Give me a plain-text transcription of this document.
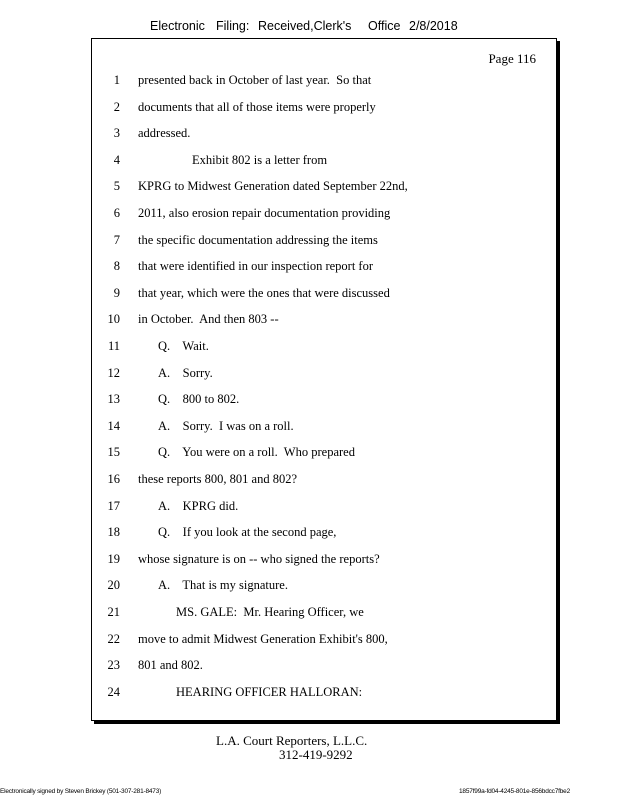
Electronic Filing: Received,Clerk's Office 2/8/2018
Page 116
1 presented back in October of last year.  So that
2 documents that all of those items were properly
3 addressed.
4	Exhibit 802 is a letter from
5 KPRG to Midwest Generation dated September 22nd,
6 2011, also erosion repair documentation providing
7 the specific documentation addressing the items
8 that were identified in our inspection report for
9 that year, which were the ones that were discussed
10 in October.  And then 803 --
11	Q.    Wait.
12	A.    Sorry.
13	Q.    800 to 802.
14	A.    Sorry.  I was on a roll.
15	Q.    You were on a roll.  Who prepared
16 these reports 800, 801 and 802?
17	A.    KPRG did.
18	Q.    If you look at the second page,
19 whose signature is on -- who signed the reports?
20	A.    That is my signature.
21	MS. GALE:  Mr. Hearing Officer, we
22 move to admit Midwest Generation Exhibit's 800,
23 801 and 802.
24	HEARING OFFICER HALLORAN:
L.A. Court Reporters, L.L.C.
312-419-9292
Electronically signed by Steven Brickey (501-307-281-8473)	1857f99a-fd04-4245-801e-856bdcc7fbe2
